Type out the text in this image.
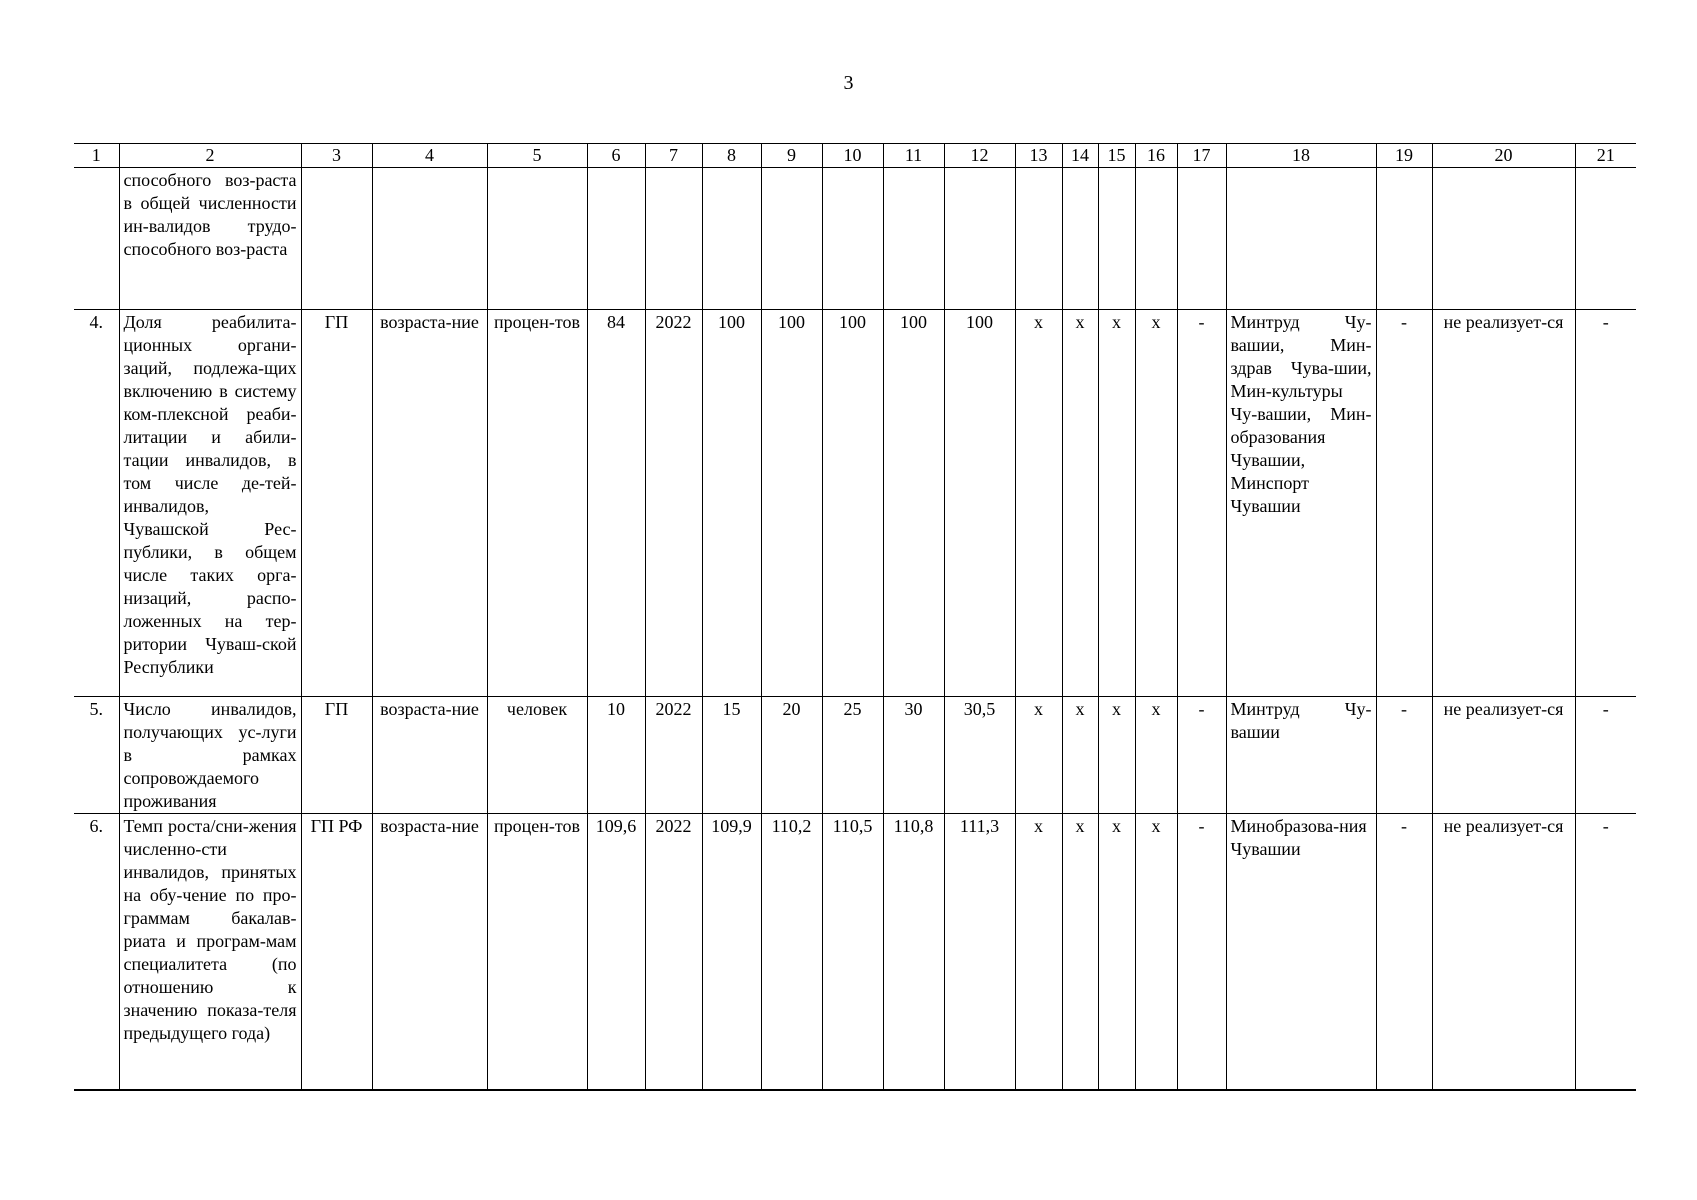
3
1	2	3	4	5	6	7	8	9	10	11	12	13	14	15	16	17	18	19	20	21
	способного воз-раста в общей численности ин-валидов трудо-способного воз-раста																			
4.	Доля реабилита-ционных органи-заций, подлежа-щих включению в систему ком-плексной реаби-литации и абили-тации инвалидов, в том числе де-тей-инвалидов, Чувашской Рес-публики, в общем числе таких орга-низаций, распо-ложенных на тер-ритории Чуваш-ской Республики	ГП	возраста-ние	процен-тов	84	2022	100	100	100	100	100	x	x	x	x	-	Минтруд Чу-вашии, Мин-здрав Чува-шии, Мин-культуры Чу-вашии, Мин-образования Чувашии, Минспорт Чувашии	-	не реализует-ся	-
5.	Число инвалидов, получающих ус-луги в рамках сопровождаемого проживания	ГП	возраста-ние	человек	10	2022	15	20	25	30	30,5	x	x	x	x	-	Минтруд Чу-вашии	-	не реализует-ся	-
6.	Темп роста/сни-жения численно-сти инвалидов, принятых на обу-чение по про-граммам бакалав-риата и програм-мам специалитета (по отношению к значению показа-теля предыдущего года)	ГП РФ	возраста-ние	процен-тов	109,6	2022	109,9	110,2	110,5	110,8	111,3	x	x	x	x	-	Минобразова-ния Чувашии	-	не реализует-ся	-
